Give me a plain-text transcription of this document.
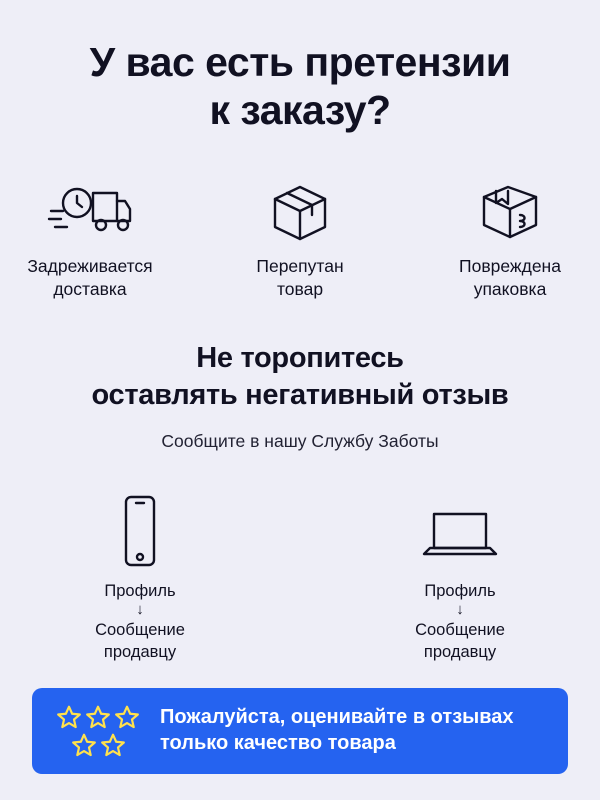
У вас есть претензии
к заказу?
Задреживается
доставка
Перепутан
товар
Повреждена
упаковка
Не торопитесь
оставлять негативный отзыв
Сообщите в нашу Службу Заботы
Профиль
↓
Сообщение
продавцу
Профиль
↓
Сообщение
продавцу
Пожалуйста, оценивайте в отзывах
только качество товара
